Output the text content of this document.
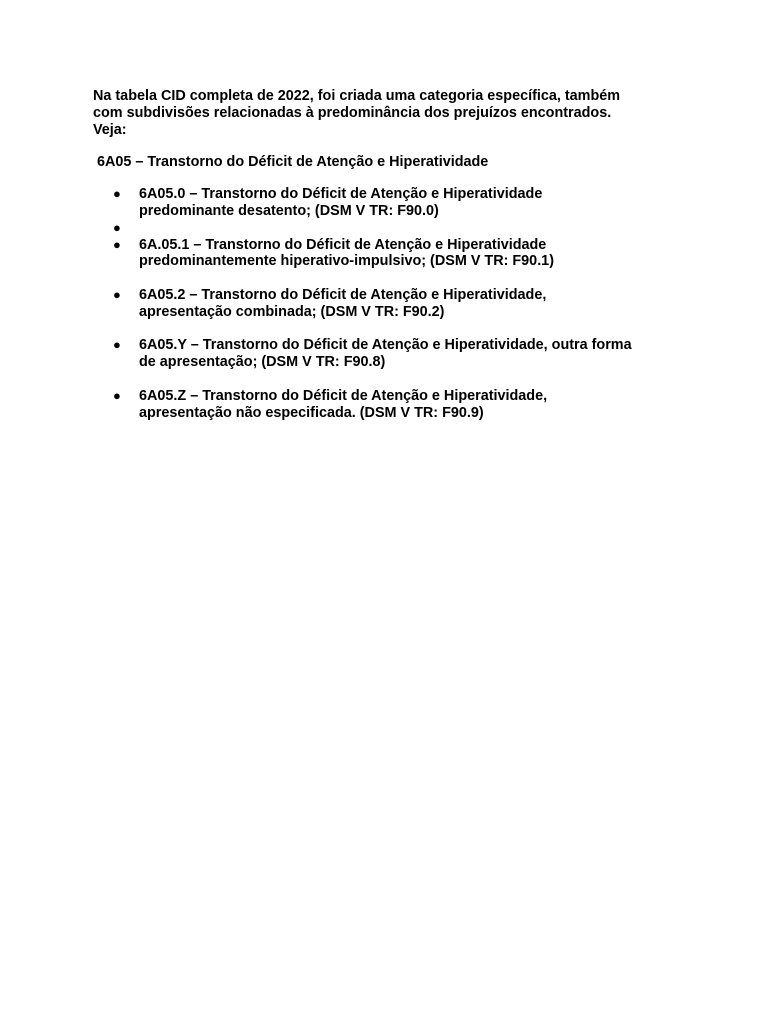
Na tabela CID completa de 2022, foi criada uma categoria específica, também
com subdivisões relacionadas à predominância dos prejuízos encontrados.
Veja:

6A05 – Transtorno do Déficit de Atenção e Hiperatividade

● 6A05.0 – Transtorno do Déficit de Atenção e Hiperatividade
predominante desatento; (DSM V TR: F90.0)
●
● 6A.05.1 – Transtorno do Déficit de Atenção e Hiperatividade
predominantemente hiperativo-impulsivo; (DSM V TR: F90.1)
● 6A05.2 – Transtorno do Déficit de Atenção e Hiperatividade,
apresentação combinada; (DSM V TR: F90.2)
● 6A05.Y – Transtorno do Déficit de Atenção e Hiperatividade, outra forma
de apresentação; (DSM V TR: F90.8)
● 6A05.Z – Transtorno do Déficit de Atenção e Hiperatividade,
apresentação não especificada. (DSM V TR: F90.9)
